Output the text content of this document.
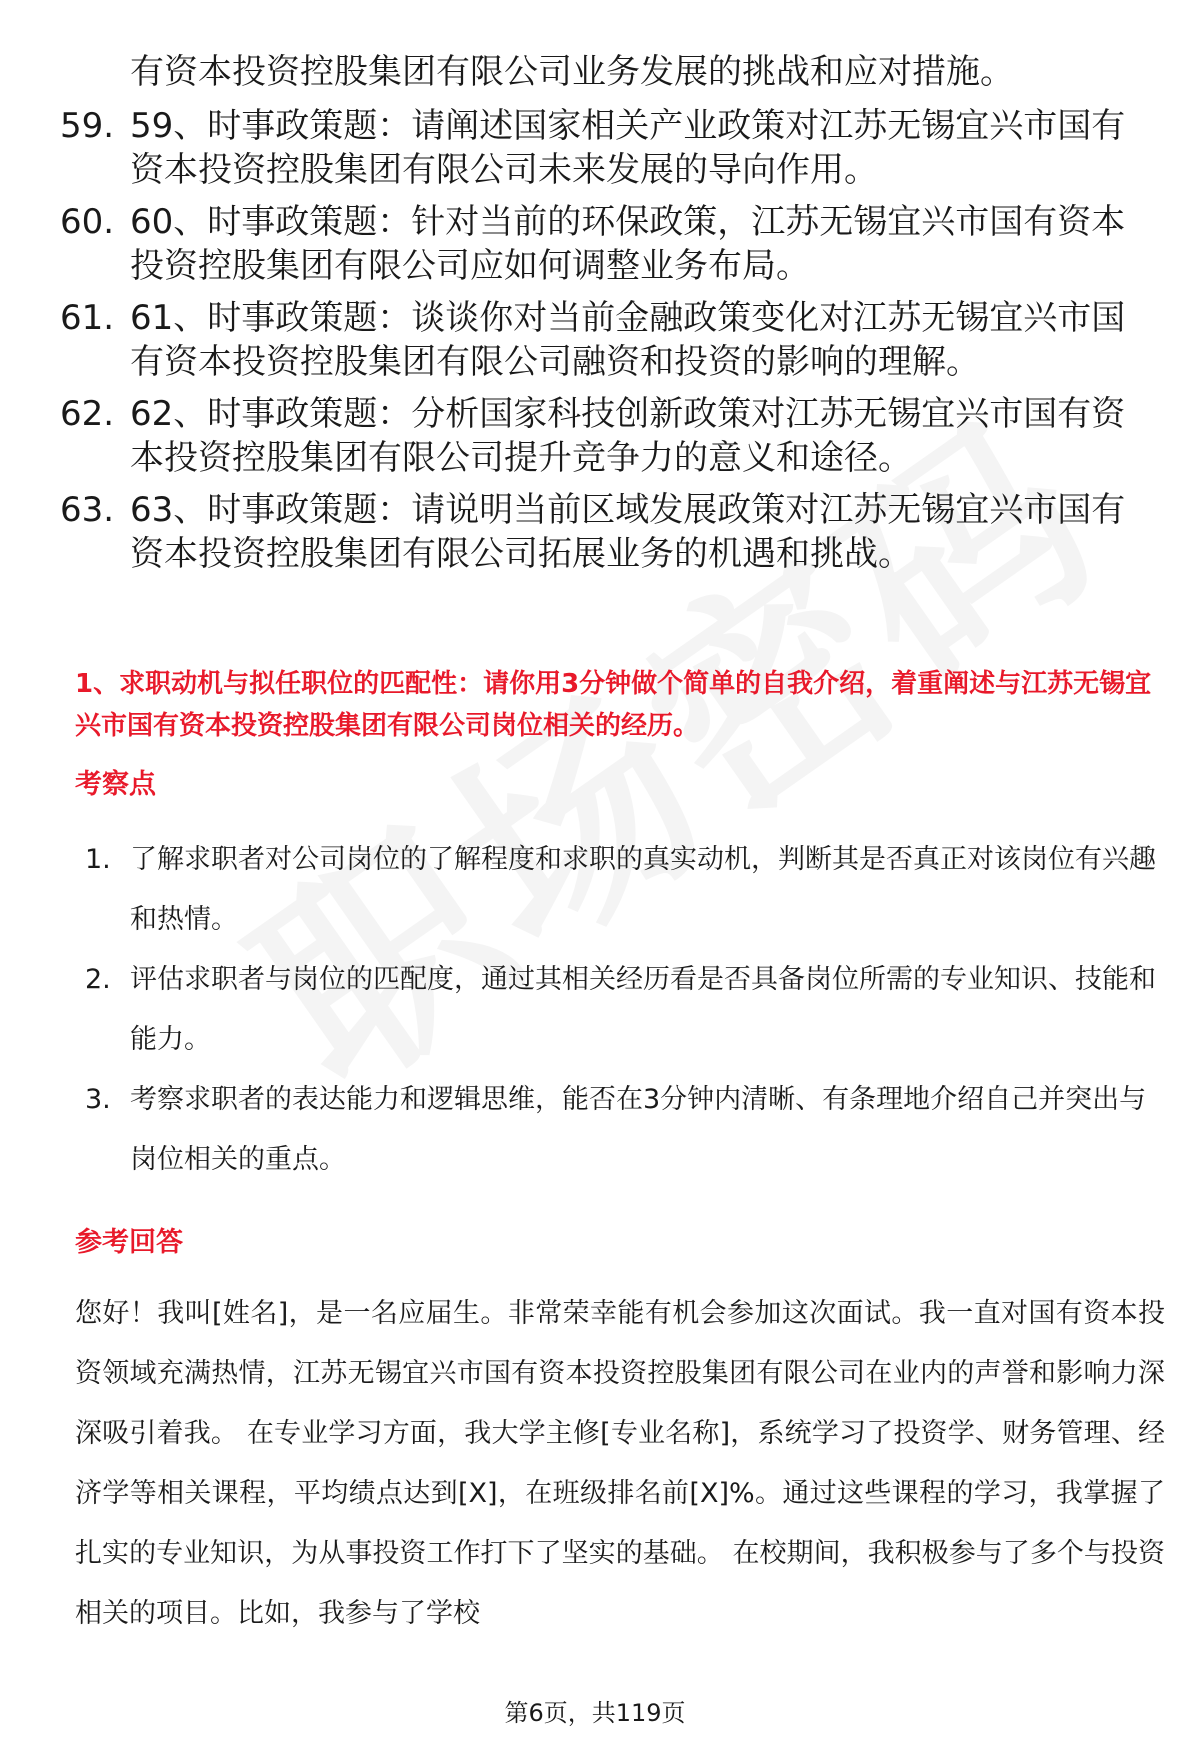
有资本投资控股集团有限公司业务发展的挑战和应对措施。
59. 59、时事政策题：请阐述国家相关产业政策对江苏无锡宜兴市国有资本投资控股集团有限公司未来发展的导向作用。
60. 60、时事政策题：针对当前的环保政策，江苏无锡宜兴市国有资本投资控股集团有限公司应如何调整业务布局。
61. 61、时事政策题：谈谈你对当前金融政策变化对江苏无锡宜兴市国有资本投资控股集团有限公司融资和投资的影响的理解。
62. 62、时事政策题：分析国家科技创新政策对江苏无锡宜兴市国有资本投资控股集团有限公司提升竞争力的意义和途径。
63. 63、时事政策题：请说明当前区域发展政策对江苏无锡宜兴市国有资本投资控股集团有限公司拓展业务的机遇和挑战。
1、求职动机与拟任职位的匹配性：请你用3分钟做个简单的自我介绍，着重阐述与江苏无锡宜兴市国有资本投资控股集团有限公司岗位相关的经历。
考察点
1. 了解求职者对公司岗位的了解程度和求职的真实动机，判断其是否真正对该岗位有兴趣和热情。
2. 评估求职者与岗位的匹配度，通过其相关经历看是否具备岗位所需的专业知识、技能和能力。
3. 考察求职者的表达能力和逻辑思维，能否在3分钟内清晰、有条理地介绍自己并突出与岗位相关的重点。
参考回答
您好！我叫[姓名]，是一名应届生。非常荣幸能有机会参加这次面试。我一直对国有资本投资领域充满热情，江苏无锡宜兴市国有资本投资控股集团有限公司在业内的声誉和影响力深深吸引着我。 在专业学习方面，我大学主修[专业名称]，系统学习了投资学、财务管理、经济学等相关课程，平均绩点达到[X]，在班级排名前[X]%。通过这些课程的学习，我掌握了扎实的专业知识，为从事投资工作打下了坚实的基础。 在校期间，我积极参与了多个与投资相关的项目。比如，我参与了学校
第6页，共119页
